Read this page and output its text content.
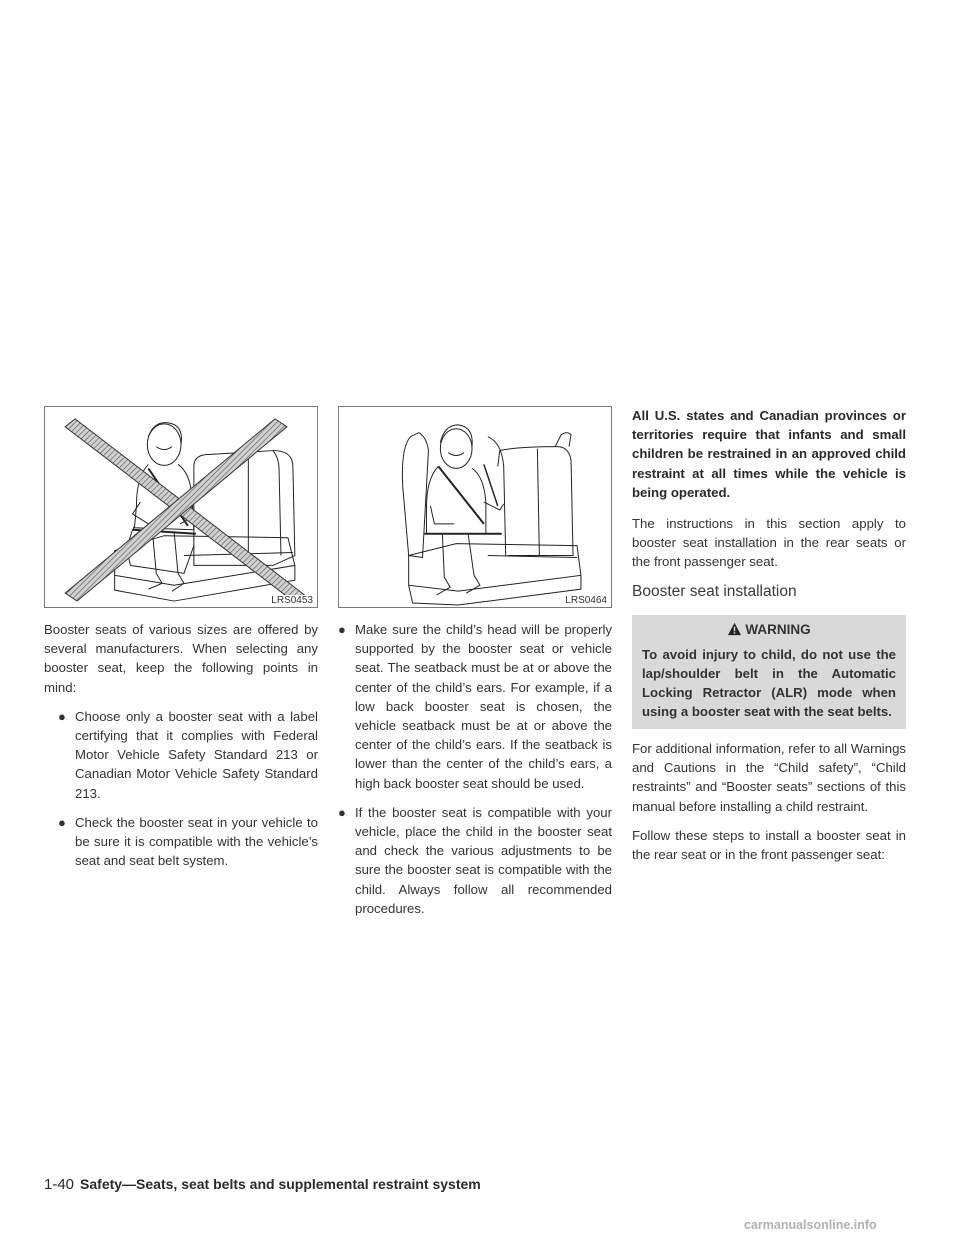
LRS0453	LRS0464

Booster seats of various sizes are offered by several manufacturers. When selecting any booster seat, keep the following points in mind:

● Choose only a booster seat with a label certifying that it complies with Federal Motor Vehicle Safety Standard 213 or Canadian Motor Vehicle Safety Standard 213.
● Check the booster seat in your vehicle to be sure it is compatible with the vehicle’s seat and seat belt system.
● Make sure the child’s head will be properly supported by the booster seat or vehicle seat. The seatback must be at or above the center of the child’s ears. For example, if a low back booster seat is chosen, the vehicle seatback must be at or above the center of the child’s ears. If the seatback is lower than the center of the child’s ears, a high back booster seat should be used.
● If the booster seat is compatible with your vehicle, place the child in the booster seat and check the various adjustments to be sure the booster seat is compatible with the child. Always follow all recommended procedures.

All U.S. states and Canadian provinces or territories require that infants and small children be restrained in an approved child restraint at all times while the vehicle is being operated.

The instructions in this section apply to booster seat installation in the rear seats or the front passenger seat.

Booster seat installation
WARNING
To avoid injury to child, do not use the lap/shoulder belt in the Automatic Locking Retractor (ALR) mode when using a booster seat with the seat belts.

For additional information, refer to all Warnings and Cautions in the “Child safety”, “Child restraints” and “Booster seats” sections of this manual before installing a child restraint.

Follow these steps to install a booster seat in the rear seat or in the front passenger seat:

1-40 Safety—Seats, seat belts and supplemental restraint system
carmanualsonline.info
